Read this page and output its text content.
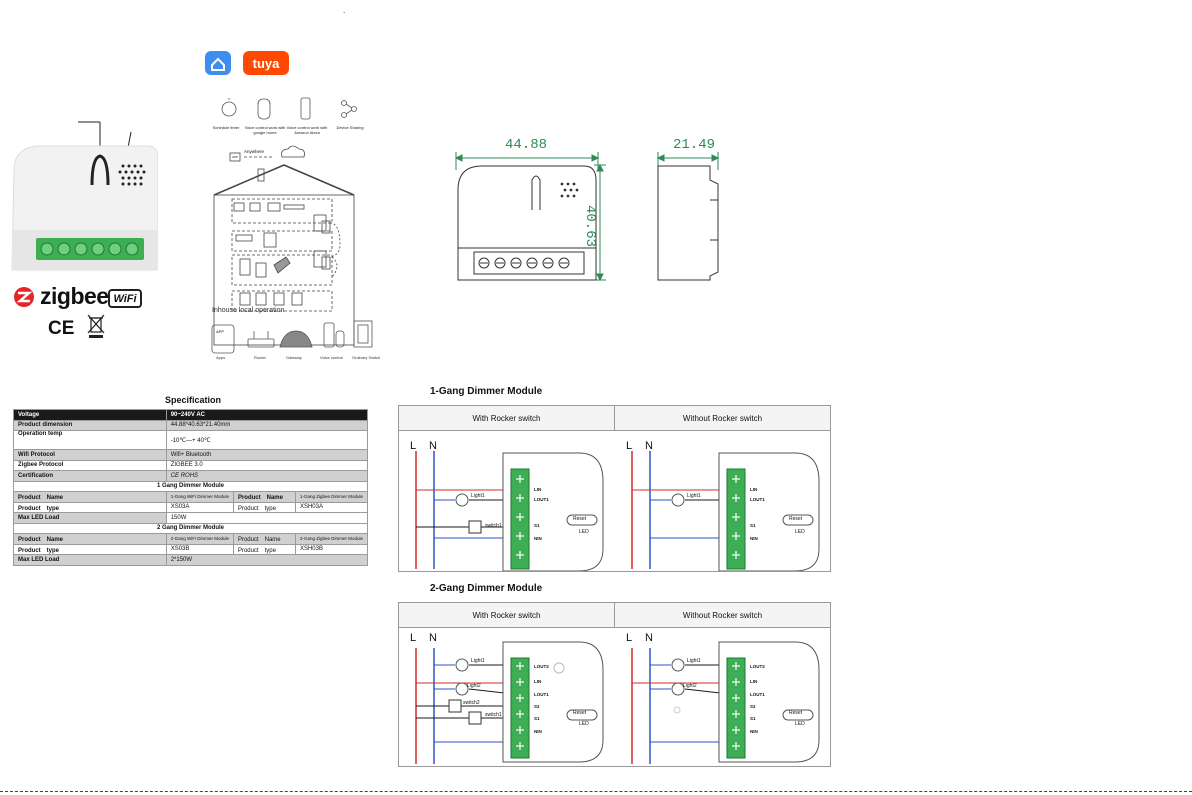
.
tuya
zigbee WiFi
CE
Schedule timer	Voice control work with google home
Voice control work with Amazon Alexa
Device Sharing
APP
Anywhere
APP
Apps	Router	Gateway	Voice control Ordinary Switch
Inhouse local operation
44.88
40.63
21.49
Specification
Voltage	90~240V AC		
Product dimension	44.88*40.63*21.40mm		
Operation temp	-10℃—+ 40℃		
Wifi Protocol	Wifi+ Bluetooth		
Zigbee Protocol	ZIGBEE 3.0		
Certification	CE ROHS		
1 Gang Dimmer Module			
Product　Name	1-Gang WiFi Dimmer Module	Product　Name	1-Gang Zigbee Dimmer Module
Product　type	XS03A	Product　type	XSH03A
Max LED Load	150W		
2 Gang Dimmer Module			
Product　Name	2-Gang WiFi Dimmer Module	Product　Name	2-Gang Zigbee Dimmer Module
Product　type	XS03B	Product　type	XSH03B
Max LED Load	2*150W		
1-Gang Dimmer Module
With Rocker switch	Without Rocker switch
L N
Light1
switch1
LIN
LOUT1
S1
NIN
Reset
LED
L N
Light1
LIN
LOUT1
S1
NIN
Reset
LED
2-Gang Dimmer Module
With Rocker switch	Without Rocker switch
L N
Light1
Light2
switch2
switch1
LOUT2
LIN
LOUT1
S2
S1
NIN
Reset
LED
L N
Light1
Light2
LOUT2
LIN
LOUT1
S2
S1
NIN
Reset
LED
